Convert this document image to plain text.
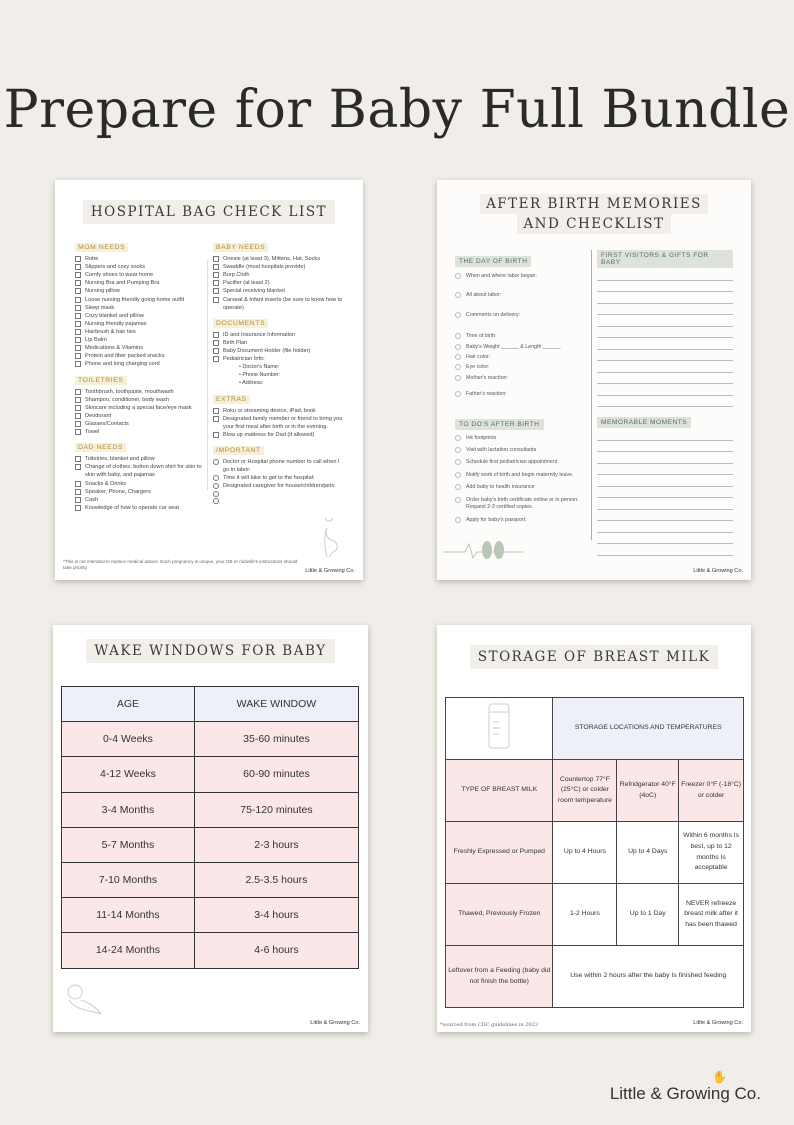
Prepare for Baby Full Bundle
HOSPITAL BAG CHECK LIST
MOM NEEDS
Robe
Slippers and cozy socks
Comfy shoes to wear home
Nursing Bra and Pumping Bra
Nursing pillow
Loose nursing friendly going home outfit
Sleep mask
Cozy blanket and pillow
Nursing friendly pajamas
Hairbrush & hair ties
Lip Balm
Medications & Vitamins
Protein and fiber packed snacks
Phone and long charging cord
TOILETRIES
Toothbrush, toothpaste, mouthwash
Shampoo, conditioner, body wash
Skincare including a special face/eye mask
Deodorant
Glasses/Contacts
Towel
DAD NEEDS
Toiletries, blanket and pillow
Change of clothes, button down shirt for skin to skin with baby, and pajamas
Snacks & Drinks
Speaker, Phone, Chargers
Cash
Knowledge of how to operate car seat
BABY NEEDS
Onesie (at least 3), Mittens, Hat, Socks
Swaddle (most hospitals provide)
Burp Cloth
Pacifier (at least 2)
Special receiving blanket
Carseat & Infant inserts (be sure to know how to operate)
DOCUMENTS
ID and Insurance Information
Birth Plan
Baby Document Holder (file holder)
Pediatrician Info:
• Doctor's Name:
• Phone Number:
• Address:
EXTRAS
Roku or streaming device, iPad, book
Designated family member or friend to bring you your first meal after birth or in the evening.
Blow up mattress for Dad (if allowed)
IMPORTANT
Doctor or Hospital phone number to call when I go in labor:
Time it will take to get to the hospital:
Designated caregiver for house/children/pets:
*This is not intended to replace medical advice. Each pregnancy is unique, your OB or midwife's instructions should take priority.
Little & Growing Co.
AFTER BIRTH MEMORIES
AND CHECKLIST
THE DAY OF BIRTH
When and where labor began:
All about labor:
Comments on delivery:
Time of birth:
Baby's Weight ______ & Length ______
Hair color:
Eye color:
Mother's reaction:
Father's reaction:
TO DO'S AFTER BIRTH
Ink footprints
Visit with lactation consultants
Schedule first pediatrician appointment
Notify work of birth and begin maternity leave.
Add baby to health insurance
Order baby's birth certificate online or in person. Request 2-3 certified copies.
Apply for baby's passport.
FIRST VISITORS & GIFTS FOR BABY
MEMORABLE MOMENTS
Little & Growing Co.
WAKE WINDOWS FOR BABY
AGE	WAKE WINDOW
0-4 Weeks	35-60 minutes
4-12 Weeks	60-90 minutes
3-4 Months	75-120 minutes
5-7 Months	2-3 hours
7-10 Months	2.5-3.5 hours
11-14 Months	3-4 hours
14-24 Months	4-6 hours
Little & Growing Co.
STORAGE OF BREAST MILK
	STORAGE LOCATIONS AND TEMPERATURES		
TYPE OF BREAST MILK	Countertop 77°F (25°C) or colder room temperature	Refridgerator 40°F (4oC)	Freezer 0°F (-18°C) or colder
Freshly Expressed or Pumped	Up to 4 Hours	Up to 4 Days	Within 6 months Is best, up to 12 months Is acceptable
Thawed, Previously Frozen	1-2 Hours	Up to 1 Day	NEVER refreeze breast milk after it has been thawed
Leftover from a Feeding (baby did not finish the bottle)	Use within 2 hours after the baby Is finished feeding		
*sourced from CDC guidelines in 2023	Little & Growing Co.
✋
Little & Growing Co.
